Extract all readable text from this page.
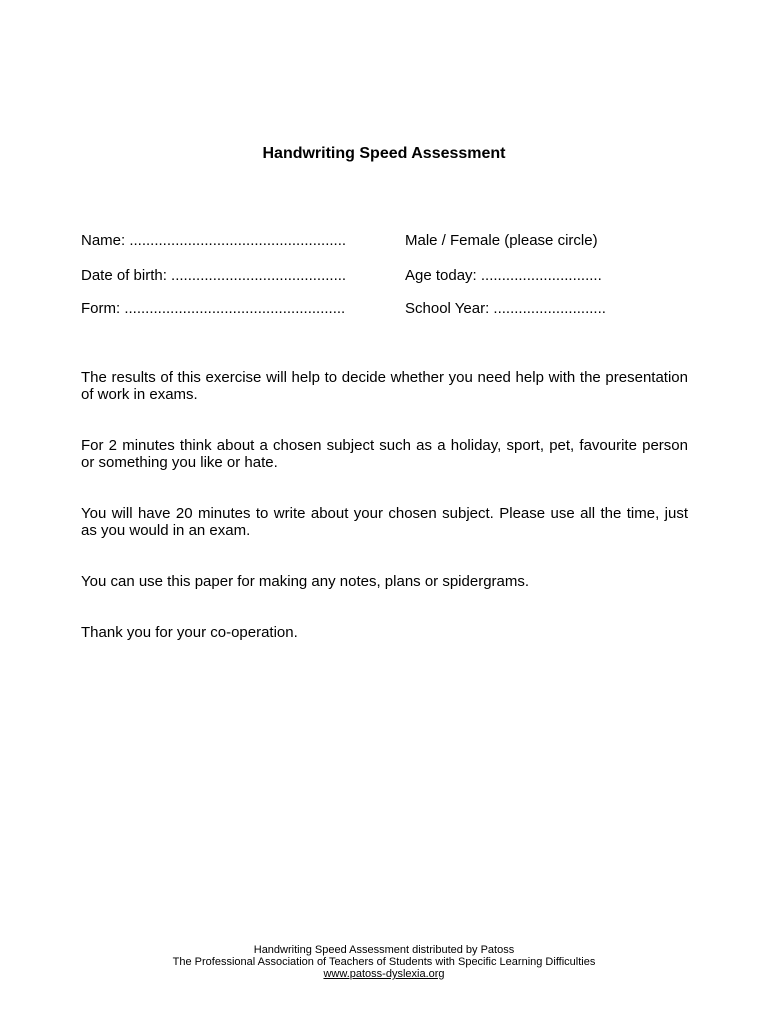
Handwriting Speed Assessment
Name: ....................................................	Male / Female (please circle)
Date of birth: ..........................................	Age today: .............................
Form: .....................................................	School Year: ...........................
The results of this exercise will help to decide whether you need help with the presentation of work in exams.
For 2 minutes think about a chosen subject such as a holiday, sport, pet, favourite person or something you like or hate.
You will have 20 minutes to write about your chosen subject. Please use all the time, just as you would in an exam.
You can use this paper for making any notes, plans or spidergrams.
Thank you for your co-operation.
Handwriting Speed Assessment distributed by Patoss
The Professional Association of Teachers of Students with Specific Learning Difficulties
www.patoss-dyslexia.org
